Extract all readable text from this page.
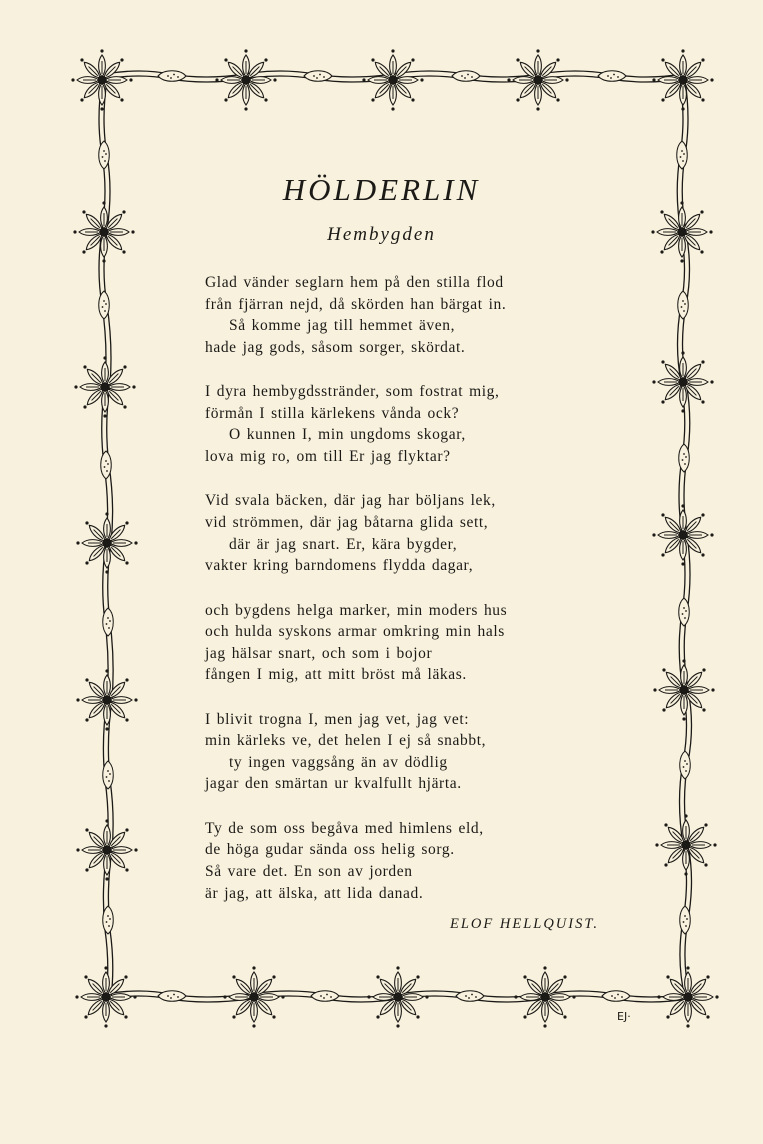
HÖLDERLIN
Hembygden
Glad vänder seglarn hem på den stilla flod
från fjärran nejd, då skörden han bärgat in.
Så komme jag till hemmet även,
hade jag gods, såsom sorger, skördat.
I dyra hembygdsstränder, som fostrat mig,
förmån I stilla kärlekens vånda ock?
O kunnen I, min ungdoms skogar,
lova mig ro, om till Er jag flyktar?
Vid svala bäcken, där jag har böljans lek,
vid strömmen, där jag båtarna glida sett,
där är jag snart. Er, kära bygder,
vakter kring barndomens flydda dagar,
och bygdens helga marker, min moders hus
och hulda syskons armar omkring min hals
jag hälsar snart, och som i bojor
fången I mig, att mitt bröst må läkas.
I blivit trogna I, men jag vet, jag vet:
min kärleks ve, det helen I ej så snabbt,
ty ingen vaggsång än av dödlig
jagar den smärtan ur kvalfullt hjärta.
Ty de som oss begåva med himlens eld,
de höga gudar sända oss helig sorg.
Så vare det. En son av jorden
är jag, att älska, att lida danad.
ELOF HELLQUIST.
EJ·
